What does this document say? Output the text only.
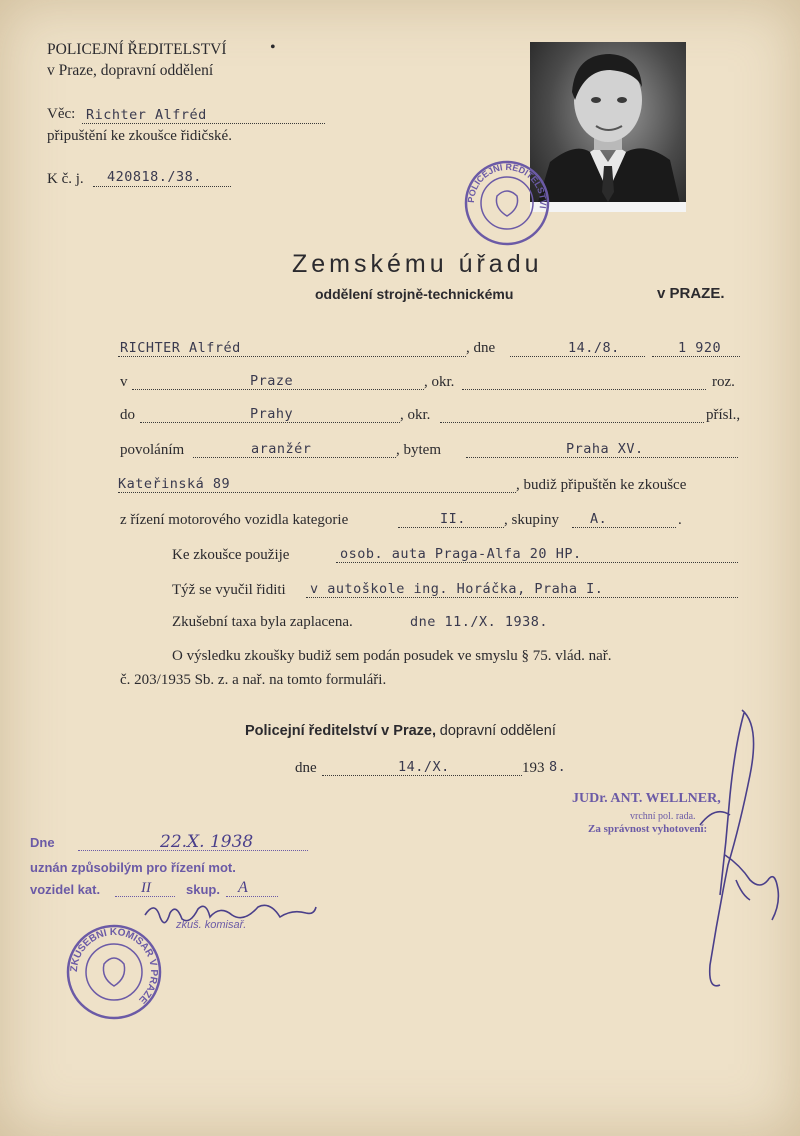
POLICEJNÍ ŘEDITELSTVÍ	•
v Praze, dopravní oddělení
Věc: Richter Alfréd
připuštění ke zkoušce řidičské.
K č. j.	420818./38.
POLICEJNÍ ŘEDITELSTVÍ
Zemskému úřadu
oddělení strojně-technickému	v PRAZE.
RICHTER Alfréd	, dne	14./8.	1 920
v	Praze	, okr.	roz.
do	Prahy	, okr.	přísl.,
povoláním	aranžér	, bytem	Praha XV.
Kateřinská 89	, budiž připuštěn ke zkoušce
z řízení motorového vozidla kategorie	II.	, skupiny	A.	.
Ke zkoušce použije	osob. auta Praga-Alfa 20 HP.
Týž se vyučil řiditi v autoškole ing. Horáčka, Praha I.
Zkušební taxa byla zaplacena.	dne 11./X. 1938.
O výsledku zkoušky budiž sem podán posudek ve smyslu § 75. vlád. nař.
č. 203/1935 Sb. z. a nař. na tomto formuláři.
Policejní ředitelství v Praze, dopravní oddělení
dne	14./X.	193 8.
JUDr. ANT. WELLNER,
vrchní pol. rada.
Za správnost vyhotovení:
Dne	22.X. 1938
uznán způsobilým pro řízení mot.
vozidel kat.	II	skup.	A
zkuš. komisař.
ZKUŠEBNÍ KOMISAŘ V PRAZE
